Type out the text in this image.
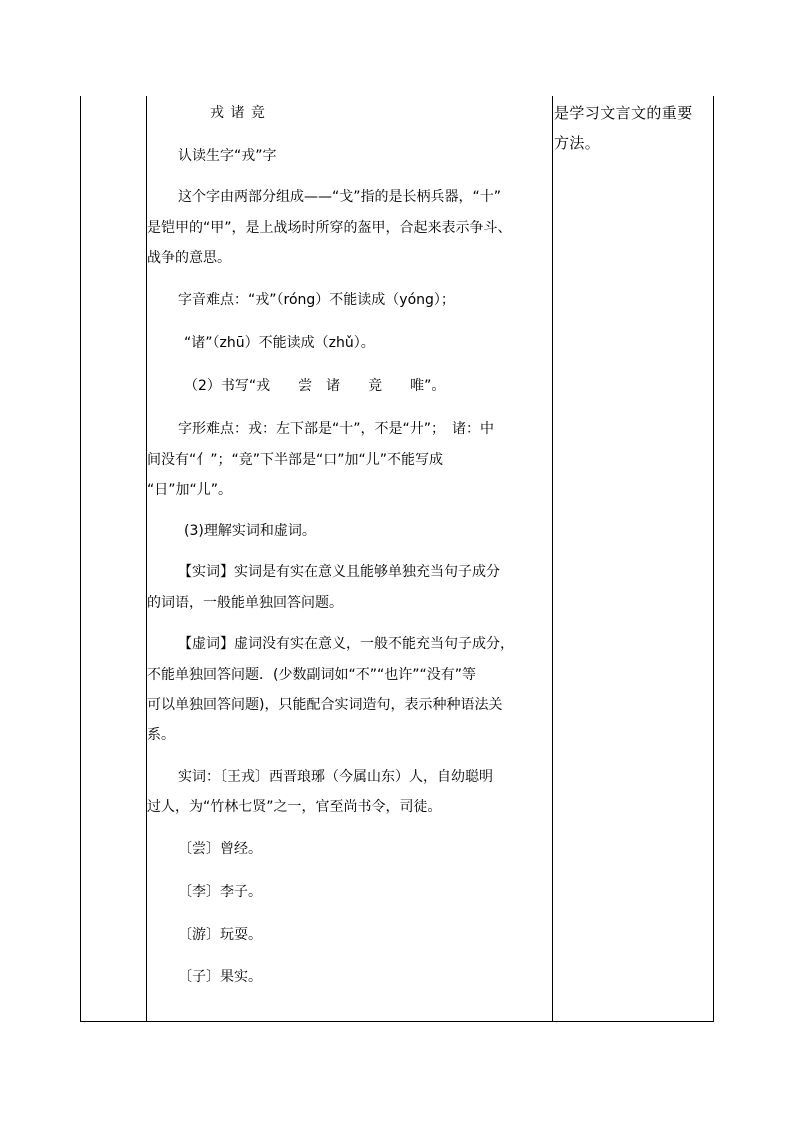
是学习文言文的重要
方法。
戎 诸 竞
认读生字“戎”字
这个字由两部分组成——“戈”指的是长柄兵器，“十”
是铠甲的“甲”，是上战场时所穿的盔甲，合起来表示争斗、
战争的意思。
字音难点：“戎”（róng）不能读成（yóng）；
“诸”（zhū）不能读成（zhǔ）。
（2）书写“戎　　尝　诸　　竞　　唯”。
字形难点：戎：左下部是“十”，不是“廾”；　诸：中
间没有“亻”；“竞”下半部是“口”加“儿”不能写成
“日”加“儿”。
(3)理解实词和虚词。
【实词】实词是有实在意义且能够单独充当句子成分
的词语，一般能单独回答问题。
【虚词】虚词没有实在意义，一般不能充当句子成分，
不能单独回答问题．(少数副词如“不”“也许”“没有”等
可以单独回答问题)，只能配合实词造句，表示种种语法关
系。
实词：〔王戎〕西晋琅琊（今属山东）人，自幼聪明
过人，为“竹林七贤”之一，官至尚书令，司徒。
〔尝〕曾经。
〔李〕李子。
〔游〕玩耍。
〔子〕果实。
